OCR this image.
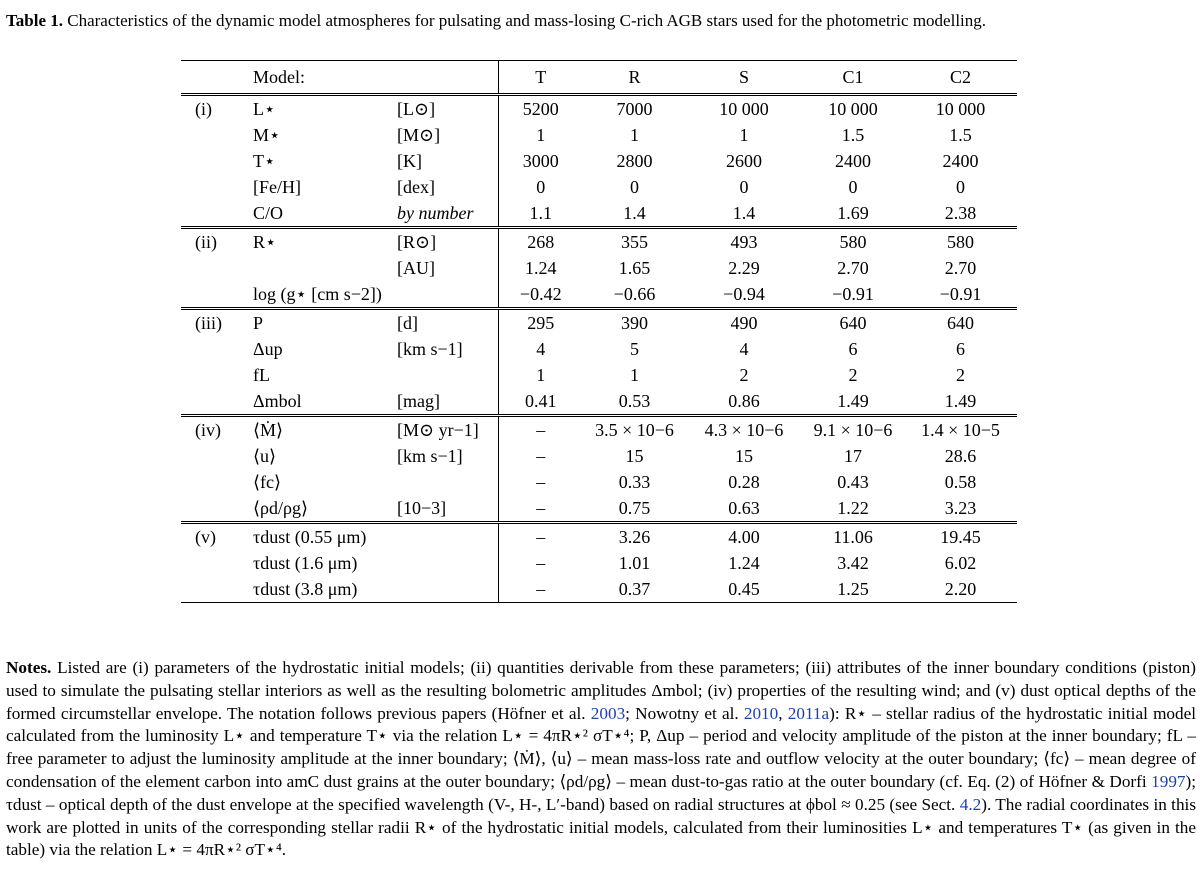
Table 1. Characteristics of the dynamic model atmospheres for pulsating and mass-losing C-rich AGB stars used for the photometric modelling.
	Model:		T	R	S	C1	C2
(i)	L⋆	[L⊙]	5200	7000	10 000	10 000	10 000
	M⋆	[M⊙]	1	1	1	1.5	1.5
	T⋆	[K]	3000	2800	2600	2400	2400
	[Fe/H]	[dex]	0	0	0	0	0
	C/O	by number	1.1	1.4	1.4	1.69	2.38
(ii)	R⋆	[R⊙]	268	355	493	580	580
		[AU]	1.24	1.65	2.29	2.70	2.70
	log (g⋆ [cm s−2])		−0.42	−0.66	−0.94	−0.91	−0.91
(iii)	P	[d]	295	390	490	640	640
	Δup	[km s−1]	4	5	4	6	6
	fL		1	1	2	2	2
	Δmbol	[mag]	0.41	0.53	0.86	1.49	1.49
(iv)	⟨Ṁ⟩	[M⊙ yr−1]	–	3.5 × 10−6	4.3 × 10−6	9.1 × 10−6	1.4 × 10−5
	⟨u⟩	[km s−1]	–	15	15	17	28.6
	⟨fc⟩		–	0.33	0.28	0.43	0.58
	⟨ρd/ρg⟩	[10−3]	–	0.75	0.63	1.22	3.23
(v)	τdust (0.55 μm)		–	3.26	4.00	11.06	19.45
	τdust (1.6 μm)		–	1.01	1.24	3.42	6.02
	τdust (3.8 μm)		–	0.37	0.45	1.25	2.20
Notes. Listed are (i) parameters of the hydrostatic initial models; (ii) quantities derivable from these parameters; (iii) attributes of the inner boundary conditions (piston) used to simulate the pulsating stellar interiors as well as the resulting bolometric amplitudes Δmbol; (iv) properties of the resulting wind; and (v) dust optical depths of the formed circumstellar envelope. The notation follows previous papers (Höfner et al. 2003; Nowotny et al. 2010, 2011a): R⋆ – stellar radius of the hydrostatic initial model calculated from the luminosity L⋆ and temperature T⋆ via the relation L⋆ = 4πR⋆² σT⋆⁴; P, Δup – period and velocity amplitude of the piston at the inner boundary; fL – free parameter to adjust the luminosity amplitude at the inner boundary; ⟨Ṁ⟩, ⟨u⟩ – mean mass-loss rate and outflow velocity at the outer boundary; ⟨fc⟩ – mean degree of condensation of the element carbon into amC dust grains at the outer boundary; ⟨ρd/ρg⟩ – mean dust-to-gas ratio at the outer boundary (cf. Eq. (2) of Höfner & Dorfi 1997); τdust – optical depth of the dust envelope at the specified wavelength (V-, H-, L′-band) based on radial structures at ϕbol ≈ 0.25 (see Sect. 4.2). The radial coordinates in this work are plotted in units of the corresponding stellar radii R⋆ of the hydrostatic initial models, calculated from their luminosities L⋆ and temperatures T⋆ (as given in the table) via the relation L⋆ = 4πR⋆² σT⋆⁴.
